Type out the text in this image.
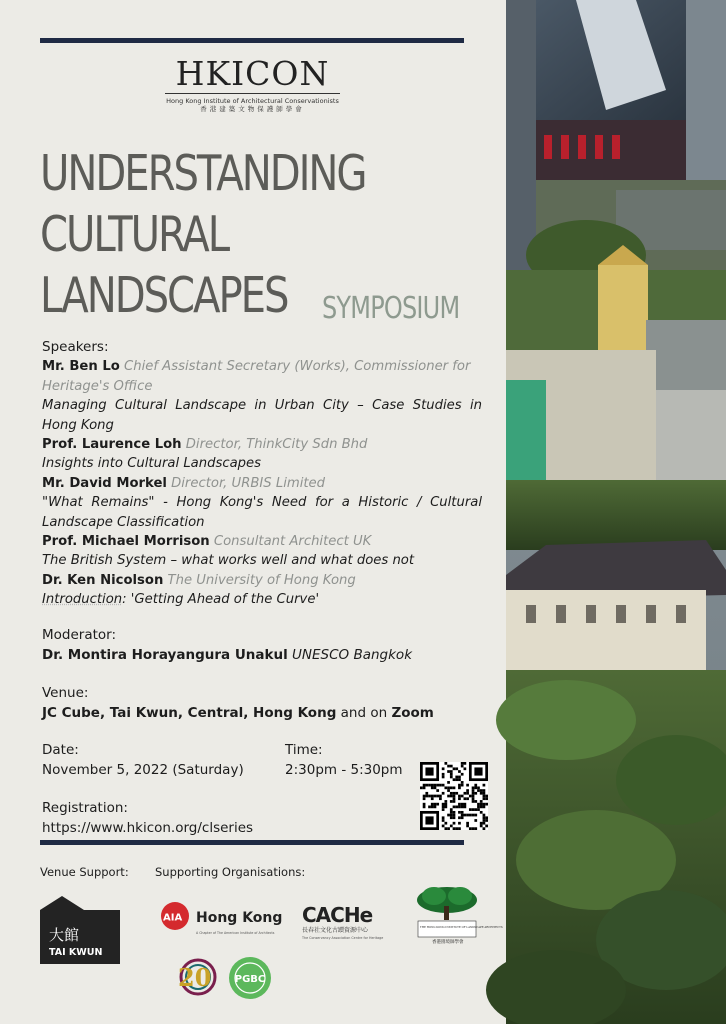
HKICON
Hong Kong Institute of Architectural Conservationists
香港建築文物保護師學會
UNDERSTANDING
CULTURAL
LANDSCAPES	SYMPOSIUM
Speakers:
Mr. Ben Lo Chief Assistant Secretary (Works), Commissioner for Heritage's Office
Managing Cultural Landscape in Urban City – Case Studies in Hong Kong
Prof. Laurence Loh Director, ThinkCity Sdn Bhd
Insights into Cultural Landscapes
Mr. David Morkel Director, URBIS Limited
"What Remains" - Hong Kong's Need for a Historic / Cultural Landscape Classification
Prof. Michael Morrison Consultant Architect UK
The British System – what works well and what does not
Dr. Ken Nicolson The University of Hong Kong
Introduction: 'Getting Ahead of the Curve'
Moderator:
Dr. Montira Horayangura Unakul UNESCO Bangkok
Venue:
JC Cube, Tai Kwun, Central, Hong Kong and on Zoom
Date:
November 5, 2022 (Saturday)
Time:
2:30pm - 5:30pm
Registration:
https://www.hkicon.org/clseries
Venue Support: Supporting Organisations:
大館
TAI KWUN
AIA Hong Kong
A Chapter of The American Institute of Architects
CACHe
長春社文化古蹟資源中心
The Conservancy Association Centre for Heritage
THE HONG KONG INSTITUTE OF LANDSCAPE ARCHITECTS
香港園境師學會
20 PGBC
